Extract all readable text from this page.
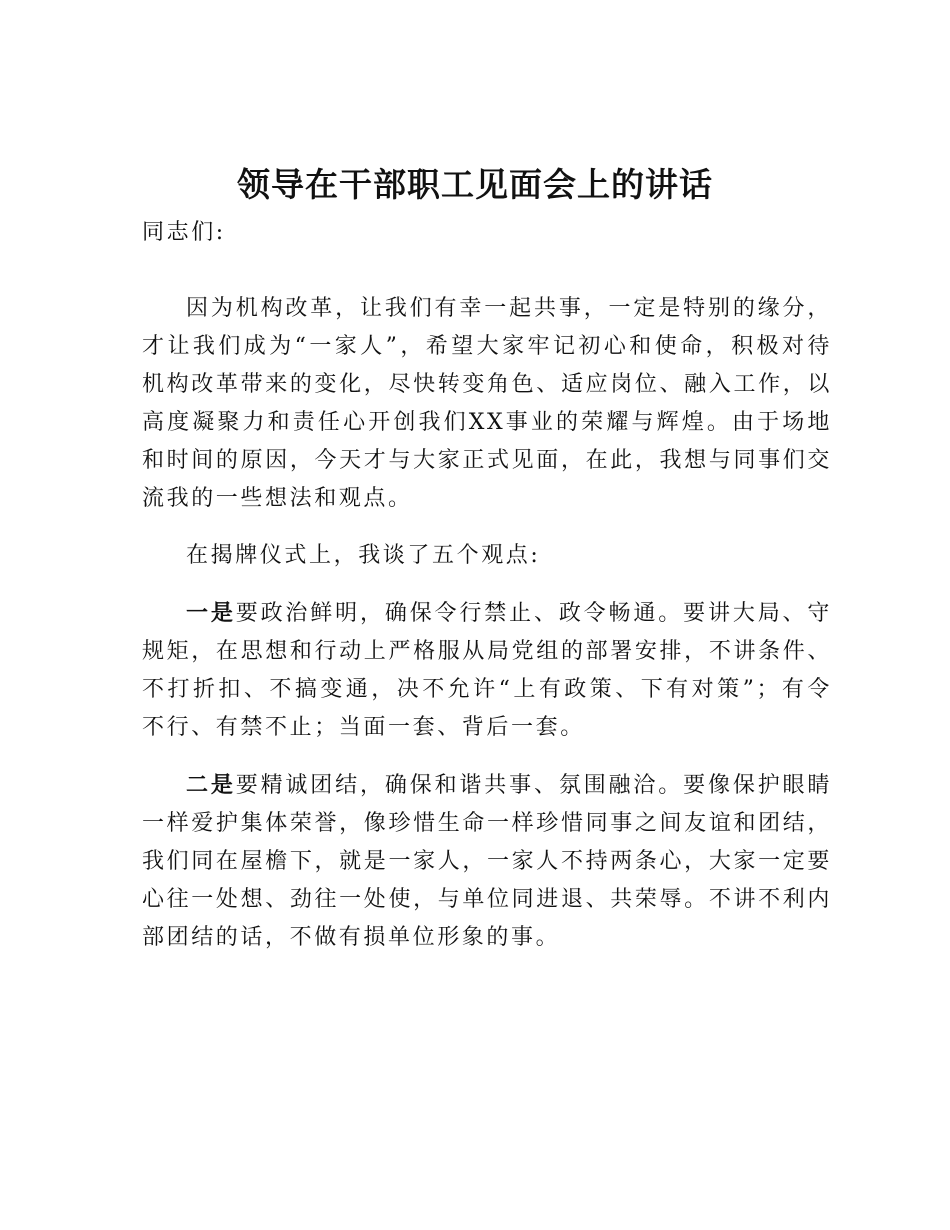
领导在干部职工见面会上的讲话

同志们:

因为机构改革，让我们有幸一起共事，一定是特别的缘分，才让我们成为“一家人”，希望大家牢记初心和使命，积极对待机构改革带来的变化，尽快转变角色、适应岗位、融入工作，以高度凝聚力和责任心开创我们XX事业的荣耀与辉煌。由于场地和时间的原因，今天才与大家正式见面，在此，我想与同事们交流我的一些想法和观点。

在揭牌仪式上，我谈了五个观点:

一是要政治鲜明，确保令行禁止、政令畅通。要讲大局、守规矩，在思想和行动上严格服从局党组的部署安排，不讲条件、不打折扣、不搞变通，决不允许“上有政策、下有对策”；有令不行、有禁不止；当面一套、背后一套。

二是要精诚团结，确保和谐共事、氛围融洽。要像保护眼睛一样爱护集体荣誉，像珍惜生命一样珍惜同事之间友谊和团结，我们同在屋檐下，就是一家人，一家人不持两条心，大家一定要心往一处想、劲往一处使，与单位同进退、共荣辱。不讲不利内部团结的话，不做有损单位形象的事。
